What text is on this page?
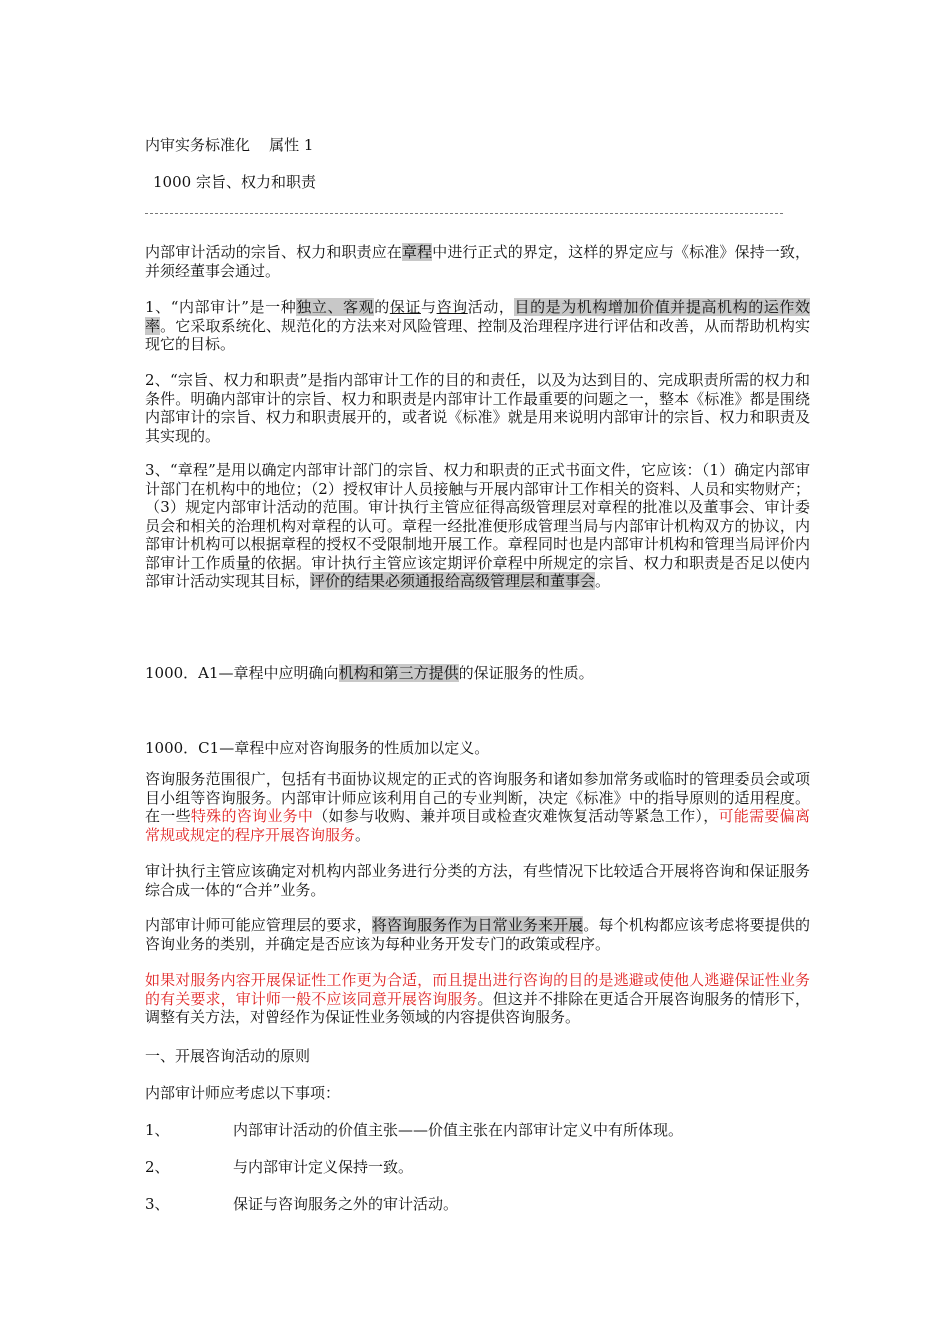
内审实务标准化 属性 1
1000 宗旨、权力和职责
内部审计活动的宗旨、权力和职责应在章程中进行正式的界定，这样的界定应与《标准》保持一致，并须经董事会通过。
1、“内部审计”是一种独立、客观的保证与咨询活动，目的是为机构增加价值并提高机构的运作效率。它采取系统化、规范化的方法来对风险管理、控制及治理程序进行评估和改善，从而帮助机构实现它的目标。
2、“宗旨、权力和职责”是指内部审计工作的目的和责任，以及为达到目的、完成职责所需的权力和条件。明确内部审计的宗旨、权力和职责是内部审计工作最重要的问题之一，整本《标准》都是围绕内部审计的宗旨、权力和职责展开的，或者说《标准》就是用来说明内部审计的宗旨、权力和职责及其实现的。
3、“章程”是用以确定内部审计部门的宗旨、权力和职责的正式书面文件，它应该：（1）确定内部审计部门在机构中的地位；（2）授权审计人员接触与开展内部审计工作相关的资料、人员和实物财产；（3）规定内部审计活动的范围。审计执行主管应征得高级管理层对章程的批准以及董事会、审计委员会和相关的治理机构对章程的认可。章程一经批准便形成管理当局与内部审计机构双方的协议，内部审计机构可以根据章程的授权不受限制地开展工作。章程同时也是内部审计机构和管理当局评价内部审计工作质量的依据。审计执行主管应该定期评价章程中所规定的宗旨、权力和职责是否足以使内部审计活动实现其目标，评价的结果必须通报给高级管理层和董事会。
1000．A1—章程中应明确向机构和第三方提供的保证服务的性质。
1000．C1—章程中应对咨询服务的性质加以定义。
咨询服务范围很广，包括有书面协议规定的正式的咨询服务和诸如参加常务或临时的管理委员会或项目小组等咨询服务。内部审计师应该利用自己的专业判断，决定《标准》中的指导原则的适用程度。在一些特殊的咨询业务中（如参与收购、兼并项目或检查灾难恢复活动等紧急工作），可能需要偏离常规或规定的程序开展咨询服务。
审计执行主管应该确定对机构内部业务进行分类的方法，有些情况下比较适合开展将咨询和保证服务综合成一体的“合并”业务。
内部审计师可能应管理层的要求，将咨询服务作为日常业务来开展。每个机构都应该考虑将要提供的咨询业务的类别，并确定是否应该为每种业务开发专门的政策或程序。
如果对服务内容开展保证性工作更为合适，而且提出进行咨询的目的是逃避或使他人逃避保证性业务的有关要求，审计师一般不应该同意开展咨询服务。但这并不排除在更适合开展咨询服务的情形下，调整有关方法，对曾经作为保证性业务领域的内容提供咨询服务。
一、开展咨询活动的原则
内部审计师应考虑以下事项：
1、	内部审计活动的价值主张——价值主张在内部审计定义中有所体现。
2、	与内部审计定义保持一致。
3、	保证与咨询服务之外的审计活动。
